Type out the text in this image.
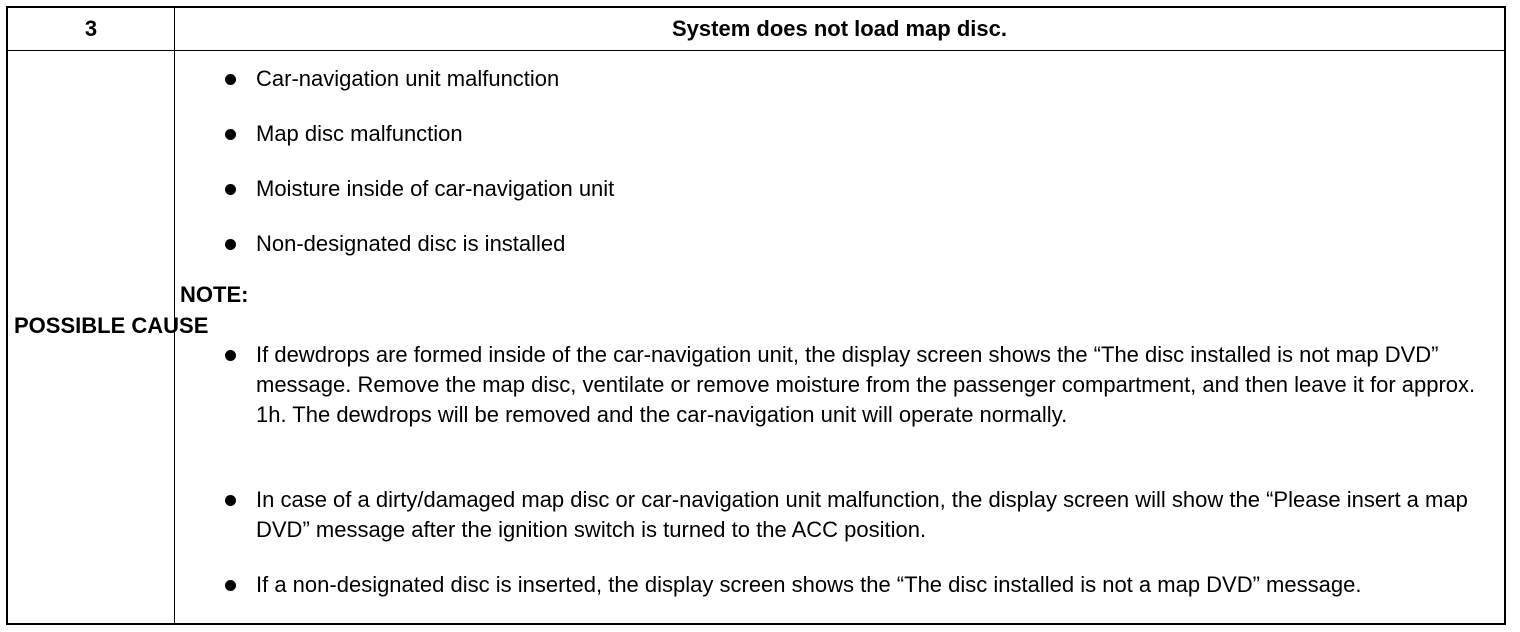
3	System does not load map disc.
POSSIBLE CAUSE
Car-navigation unit malfunction
Map disc malfunction
Moisture inside of car-navigation unit
Non-designated disc is installed
NOTE:
If dewdrops are formed inside of the car-navigation unit, the display screen shows the “The disc installed is not map DVD” message. Remove the map disc, ventilate or remove moisture from the passenger compartment, and then leave it for approx. 1h. The dewdrops will be removed and the car-navigation unit will operate normally.
In case of a dirty/damaged map disc or car-navigation unit malfunction, the display screen will show the “Please insert a map DVD” message after the ignition switch is turned to the ACC position.
If a non-designated disc is inserted, the display screen shows the “The disc installed is not a map DVD” message.
